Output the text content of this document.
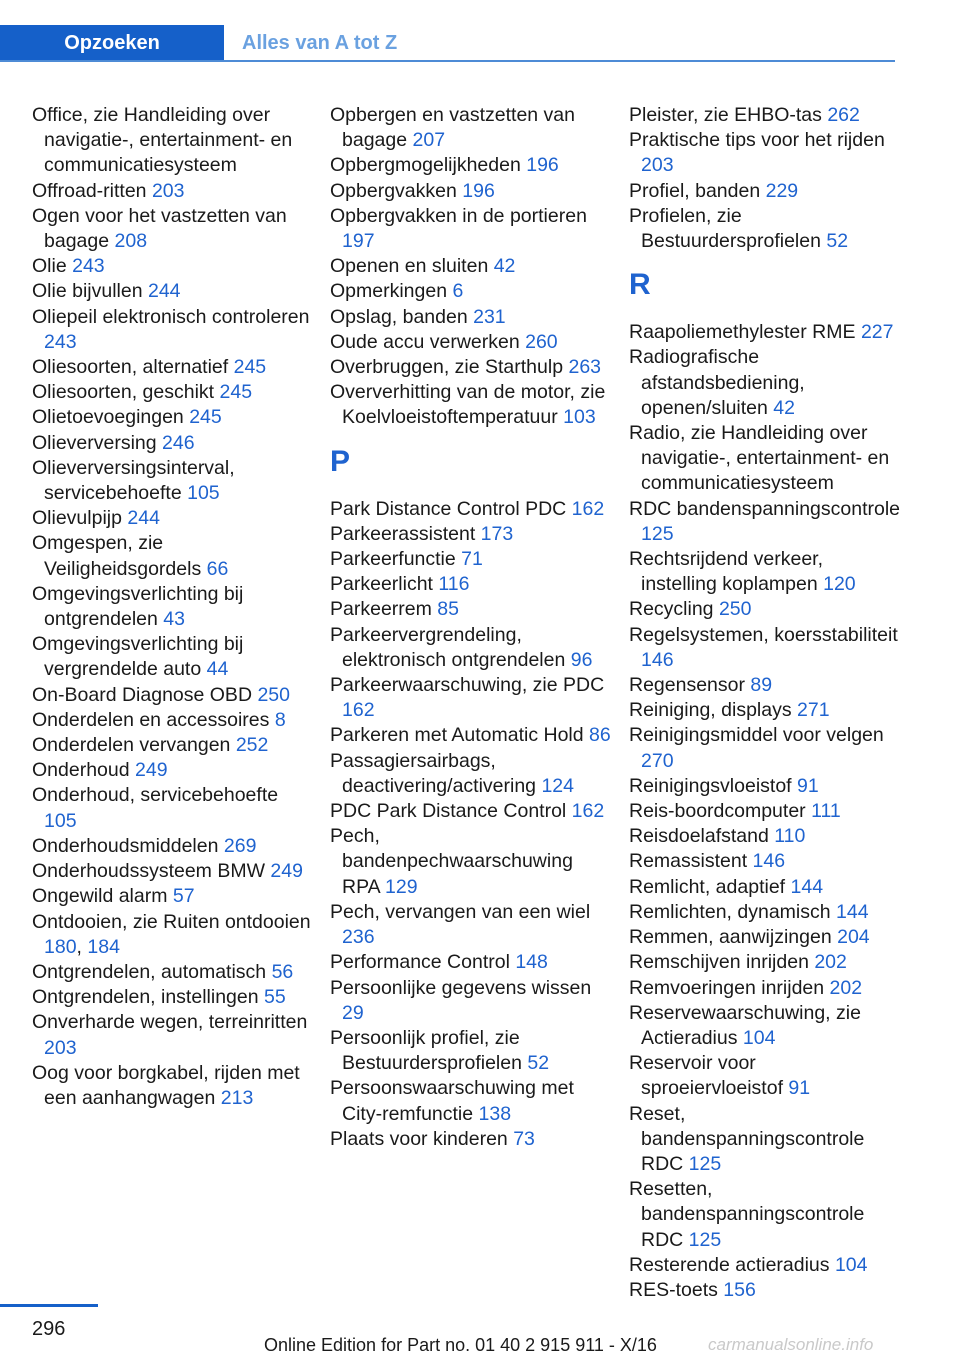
Opzoeken	Alles van A tot Z
Office, zie Handleiding over navigatie-, entertainment- en communicatiesysteem
Offroad-ritten 203
Ogen voor het vastzetten van bagage 208
Olie 243
Olie bijvullen 244
Oliepeil elektronisch controleren 243
Oliesoorten, alternatief 245
Oliesoorten, geschikt 245
Olietoevoegingen 245
Olieverversing 246
Olieverversingsinterval, servicebehoefte 105
Olievulpijp 244
Omgespen, zie Veiligheidsgordels 66
Omgevingsverlichting bij ontgrendelen 43
Omgevingsverlichting bij vergrendelde auto 44
On-Board Diagnose OBD 250
Onderdelen en accessoires 8
Onderdelen vervangen 252
Onderhoud 249
Onderhoud, servicebehoefte 105
Onderhoudsmiddelen 269
Onderhoudssysteem BMW 249
Ongewild alarm 57
Ontdooien, zie Ruiten ontdooien 180, 184
Ontgrendelen, automatisch 56
Ontgrendelen, instellingen 55
Onverharde wegen, terreinritten 203
Oog voor borgkabel, rijden met een aanhangwagen 213
Opbergen en vastzetten van bagage 207
Opbergmogelijkheden 196
Opbergvakken 196
Opbergvakken in de portieren 197
Openen en sluiten 42
Opmerkingen 6
Opslag, banden 231
Oude accu verwerken 260
Overbruggen, zie Starthulp 263
Oververhitting van de motor, zie Koelvloeistoftemperatuur 103
P
Park Distance Control PDC 162
Parkeerassistent 173
Parkeerfunctie 71
Parkeerlicht 116
Parkeerrem 85
Parkeervergrendeling, elektronisch ontgrendelen 96
Parkeerwaarschuwing, zie PDC 162
Parkeren met Automatic Hold 86
Passagiersairbags, deactivering/activering 124
PDC Park Distance Control 162
Pech, bandenpechwaarschuwing RPA 129
Pech, vervangen van een wiel 236
Performance Control 148
Persoonlijke gegevens wissen 29
Persoonlijk profiel, zie Bestuurdersprofielen 52
Persoonswaarschuwing met City-remfunctie 138
Plaats voor kinderen 73
Pleister, zie EHBO-tas 262
Praktische tips voor het rijden 203
Profiel, banden 229
Profielen, zie Bestuurdersprofielen 52
R
Raapoliemethylester RME 227
Radiografische afstandsbediening, openen/sluiten 42
Radio, zie Handleiding over navigatie-, entertainment- en communicatiesysteem
RDC bandenspanningscontrole 125
Rechtsrijdend verkeer, instelling koplampen 120
Recycling 250
Regelsystemen, koersstabiliteit 146
Regensensor 89
Reiniging, displays 271
Reinigingsmiddel voor velgen 270
Reinigingsvloeistof 91
Reis-boordcomputer 111
Reisdoelafstand 110
Remassistent 146
Remlicht, adaptief 144
Remlichten, dynamisch 144
Remmen, aanwijzingen 204
Remschijven inrijden 202
Remvoeringen inrijden 202
Reservewaarschuwing, zie Actieradius 104
Reservoir voor sproeiervloeistof 91
Reset, bandenspanningscontrole RDC 125
Resetten, bandenspanningscontrole RDC 125
Resterende actieradius 104
RES-toets 156
296
Online Edition for Part no. 01 40 2 915 911 - X/16	carmanualsonline.info
